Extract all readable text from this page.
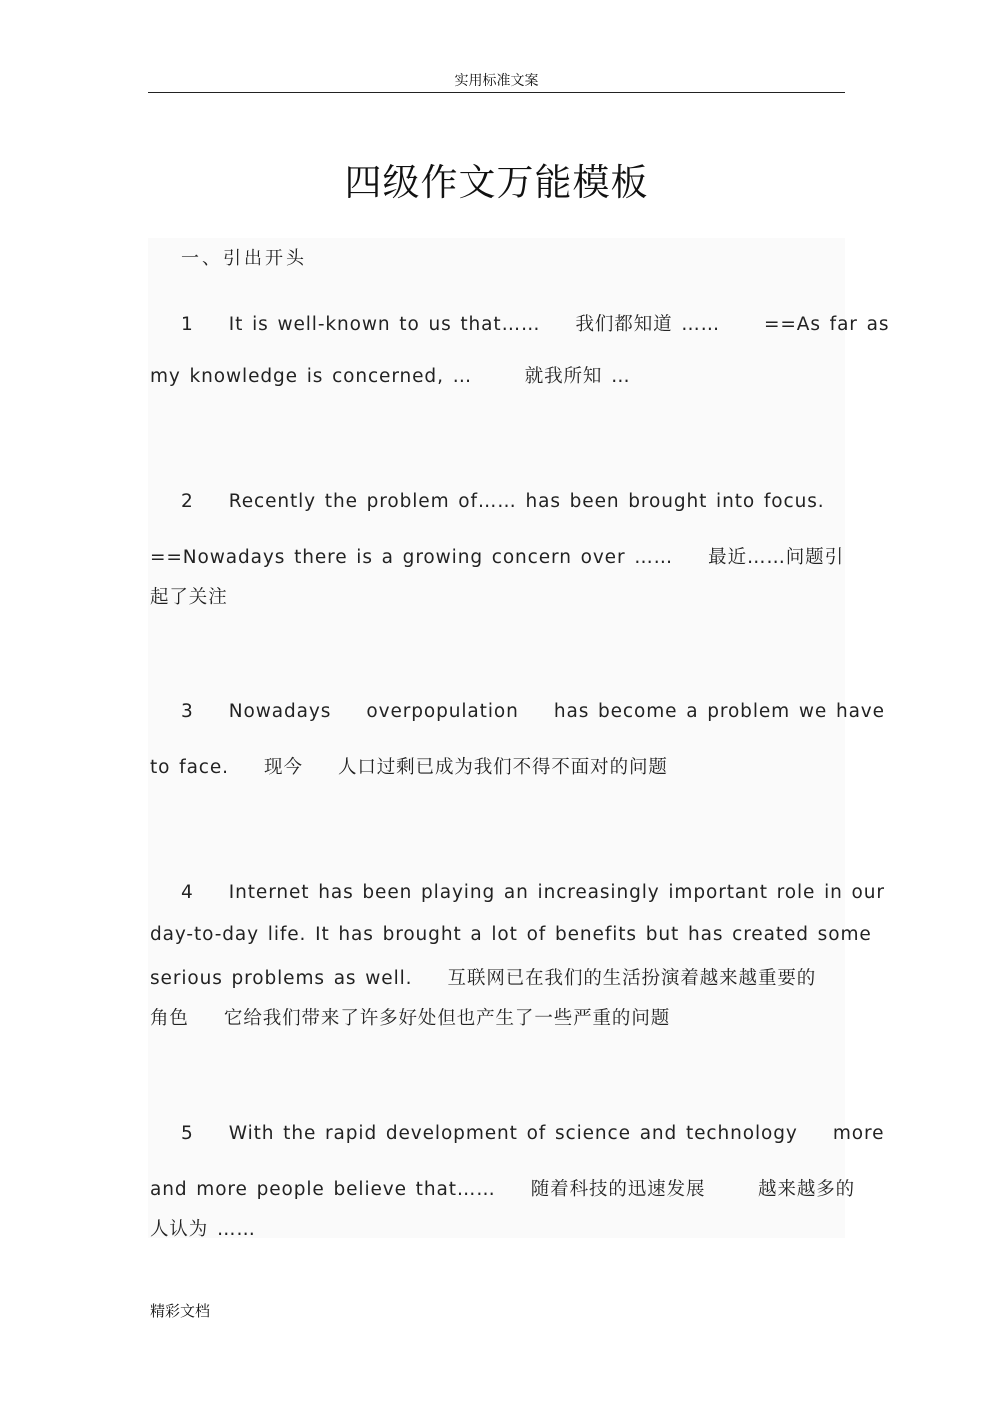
实用标准文案
四级作文万能模板
一、引出开头
1    It is well-known to us that……    我们都知道 ……     ==As far as
my knowledge is concerned, …      就我所知 …
2    Recently the problem of…… has been brought into focus.
==Nowadays there is a growing concern over ……    最近……问题引
起了关注
3    Nowadays    overpopulation    has become a problem we have
to face.    现今    人口过剩已成为我们不得不面对的问题
4    Internet has been playing an increasingly important role in our
day-to-day life. It has brought a lot of benefits but has created some
serious problems as well.    互联网已在我们的生活扮演着越来越重要的
角色    它给我们带来了许多好处但也产生了一些严重的问题
5    With the rapid development of science and technology    more
and more people believe that……    随着科技的迅速发展      越来越多的
人认为 ……
精彩文档
